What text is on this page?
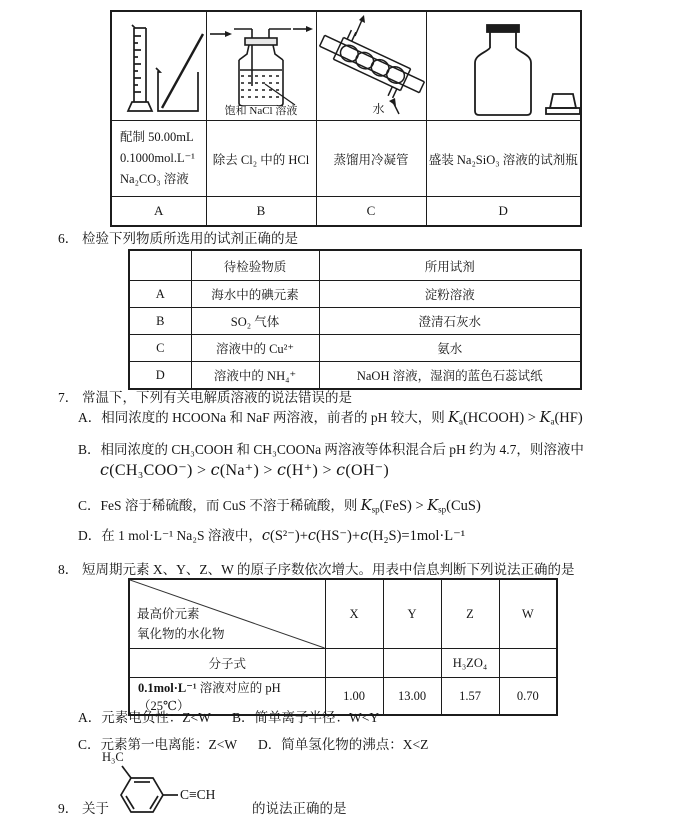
饱和 NaCl 溶液	水

配制 50.00mL
0.1000mol.L⁻¹
Na₂CO₃ 溶液	除去 Cl₂ 中的 HCl	蒸馏用冷凝管	盛装 Na₂SiO₃ 溶液的试剂瓶
A	B	C	D
6． 检验下列物质所选用的试剂正确的是
	待检验物质	所用试剂
A	海水中的碘元素	淀粉溶液
B	SO₂ 气体	澄清石灰水
C	溶液中的 Cu²⁺	氨水
D	溶液中的 NH₄⁺	NaOH 溶液，湿润的蓝色石蕊试纸
7． 常温下，下列有关电解质溶液的说法错误的是
A．相同浓度的 HCOONa 和 NaF 两溶液，前者的 pH 较大，则 Ka(HCOOH) > Ka(HF)
B．相同浓度的 CH₃COOH 和 CH₃COONa 两溶液等体积混合后 pH 约为 4.7，则溶液中
c(CH₃COO⁻) > c(Na⁺) > c(H⁺) > c(OH⁻)
C．FeS 溶于稀硫酸，而 CuS 不溶于稀硫酸，则 Ksp(FeS) > Ksp(CuS)
D．在 1 mol·L⁻¹ Na₂S 溶液中，c(S²⁻)+c(HS⁻)+c(H₂S)=1mol·L⁻¹
8． 短周期元素 X、Y、Z、W 的原子序数依次增大。用表中信息判断下列说法正确的是
最高价元素
氧化物的水化物	X	Y	Z	W
分子式			H₃ZO₄	
0.1mol·L⁻¹ 溶液对应的 pH（25℃）	1.00	13.00	1.57	0.70
A．元素电负性：Z<W B．简单离子半径：W<Y
C．元素第一电离能：Z<W D．简单氢化物的沸点：X<Z
H₃C
C≡CH
9． 关于	的说法正确的是
